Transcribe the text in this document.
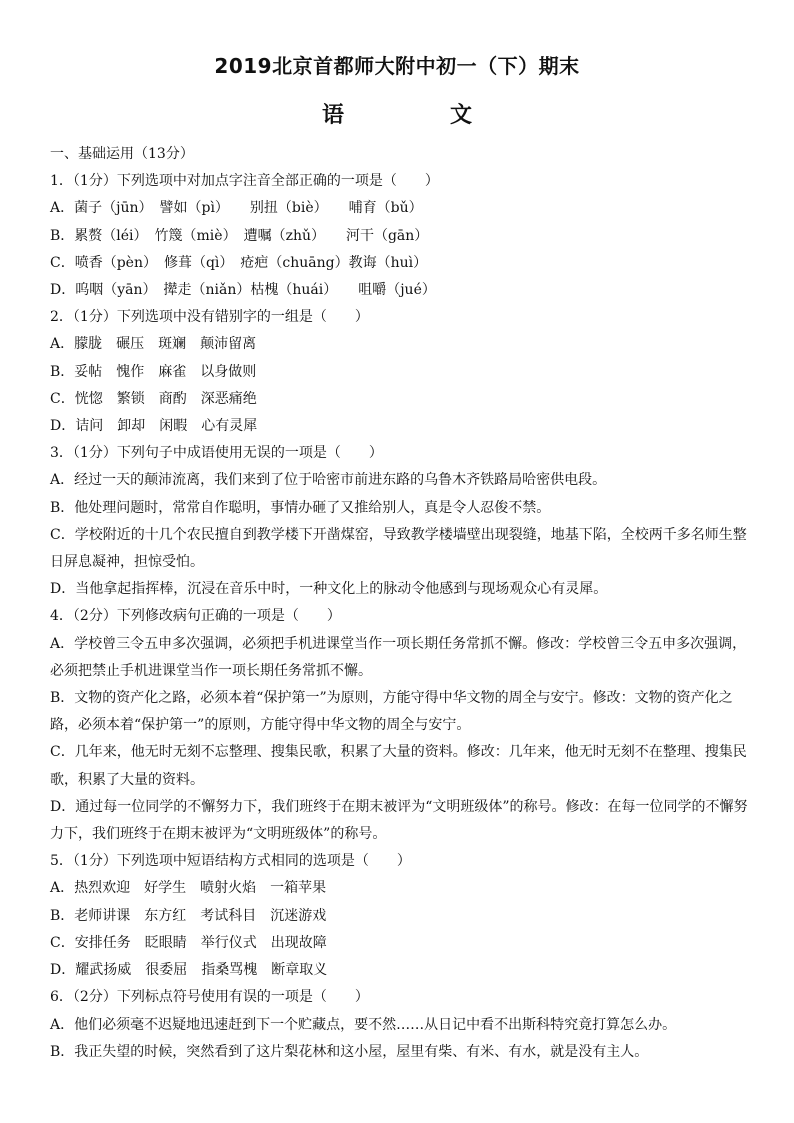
2019北京首都师大附中初一（下）期末
语　文

一、基础运用（13分）

1．（1分）下列选项中对加点字注音全部正确的一项是（　　）

A．菌子（jūn）　譬如（pì）　　别扭（biè）　　哺育（bǔ）

B．累赘（léi）　竹篾（miè）　遭嘱（zhǔ）　　河干（gān）

C．喷香（pèn）　修葺（qì）　疮疤（chuāng）教诲（huì）

D．呜咽（yān）　撵走（niǎn）枯槐（huái）　　咀嚼（jué）

2．（1分）下列选项中没有错别字的一组是（　　）

A．朦胧　碾压　斑斓　颠沛留离

B．妥帖　愧作　麻雀　以身做则

C．恍惚　繁锁　商酌　深恶痛绝

D．诘问　卸却　闲暇　心有灵犀

3．（1分）下列句子中成语使用无误的一项是（　　）

A．经过一天的颠沛流离，我们来到了位于哈密市前进东路的乌鲁木齐铁路局哈密供电段。

B．他处理问题时，常常自作聪明，事情办砸了又推给别人，真是令人忍俊不禁。

C．学校附近的十几个农民擅自到教学楼下开凿煤窑，导致教学楼墙壁出现裂缝，地基下陷，全校两千多名师生整

日屏息凝神，担惊受怕。

D．当他拿起指挥棒，沉浸在音乐中时，一种文化上的脉动令他感到与现场观众心有灵犀。

4．（2分）下列修改病句正确的一项是（　　）

A．学校曾三令五申多次强调，必须把手机进课堂当作一项长期任务常抓不懈。修改：学校曾三令五申多次强调，

必须把禁止手机进课堂当作一项长期任务常抓不懈。

B．文物的资产化之路，必须本着“保护第一”为原则，方能守得中华文物的周全与安宁。修改：文物的资产化之

路，必须本着“保护第一”的原则，方能守得中华文物的周全与安宁。

C．几年来，他无时无刻不忘整理、搜集民歌，积累了大量的资料。修改：几年来，他无时无刻不在整理、搜集民

歌，积累了大量的资料。

D．通过每一位同学的不懈努力下，我们班终于在期末被评为“文明班级体”的称号。修改：在每一位同学的不懈努

力下，我们班终于在期末被评为“文明班级体”的称号。

5．（1分）下列选项中短语结构方式相同的选项是（　　）

A．热烈欢迎　好学生　喷射火焰　一箱苹果

B．老师讲课　东方红　考试科目　沉迷游戏

C．安排任务　眨眼睛　举行仪式　出现故障

D．耀武扬威　很委屈　指桑骂槐　断章取义

6．（2分）下列标点符号使用有误的一项是（　　）

A．他们必须毫不迟疑地迅速赶到下一个贮藏点，要不然……从日记中看不出斯科特究竟打算怎么办。

B．我正失望的时候，突然看到了这片梨花林和这小屋，屋里有柴、有米、有水，就是没有主人。
